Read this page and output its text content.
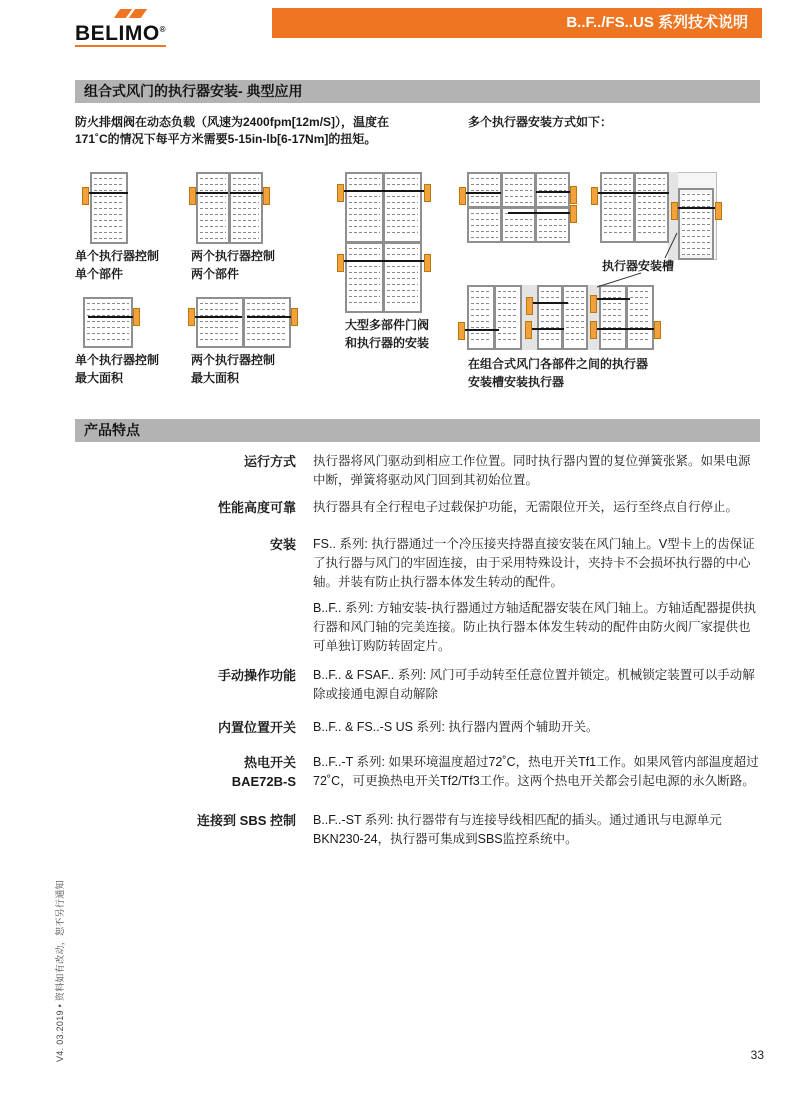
BELIMO®	B..F../FS..US 系列技术说明
组合式风门的执行器安装- 典型应用
防火排烟阀在动态负载（风速为2400fpm[12m/S]），温度在
171˚C的情况下每平方米需要5-15in-lb[6-17Nm]的扭矩。
多个执行器安装方式如下：
单个执行器控制
单个部件
两个执行器控制
两个部件
单个执行器控制
最大面积
两个执行器控制
最大面积
大型多部件门阀
和执行器的安装
在组合式风门各部件之间的执行器
安装槽安装执行器
执行器安装槽
产品特点
运行方式 执行器将风门驱动到相应工作位置。同时执行器内置的复位弹簧张紧。如果电源中断，弹簧将驱动风门回到其初始位置。

性能高度可靠 执行器具有全行程电子过载保护功能，无需限位开关，运行至终点自行停止。

安装 FS.. 系列: 执行器通过一个冷压接夹持器直接安装在风门轴上。V型卡上的齿保证了执行器与风门的牢固连接，由于采用特殊设计，夹持卡不会损坏执行器的中心轴。并装有防止执行器本体发生转动的配件。

B..F.. 系列: 方轴安装-执行器通过方轴适配器安装在风门轴上。方轴适配器提供执行器和风门轴的完美连接。防止执行器本体发生转动的配件由防火阀厂家提供也可单独订购防转固定片。

手动操作功能 B..F.. & FSAF.. 系列: 风门可手动转至任意位置并锁定。机械锁定装置可以手动解除或接通电源自动解除

内置位置开关 B..F.. & FS..-S US 系列: 执行器内置两个辅助开关。

热电开关
BAE72B-S

B..F..-T 系列: 如果环境温度超过72˚C，热电开关Tf1工作。如果风管内部温度超过72˚C，可更换热电开关Tf2/Tf3工作。这两个热电开关都会引起电源的永久断路。

连接到 SBS 控制 B..F..-ST 系列: 执行器带有与连接导线相匹配的插头。通过通讯与电源单元BKN230-24，执行器可集成到SBS监控系统中。

V4. 03.2019 • 资料如有改动，恕不另行通知	33
